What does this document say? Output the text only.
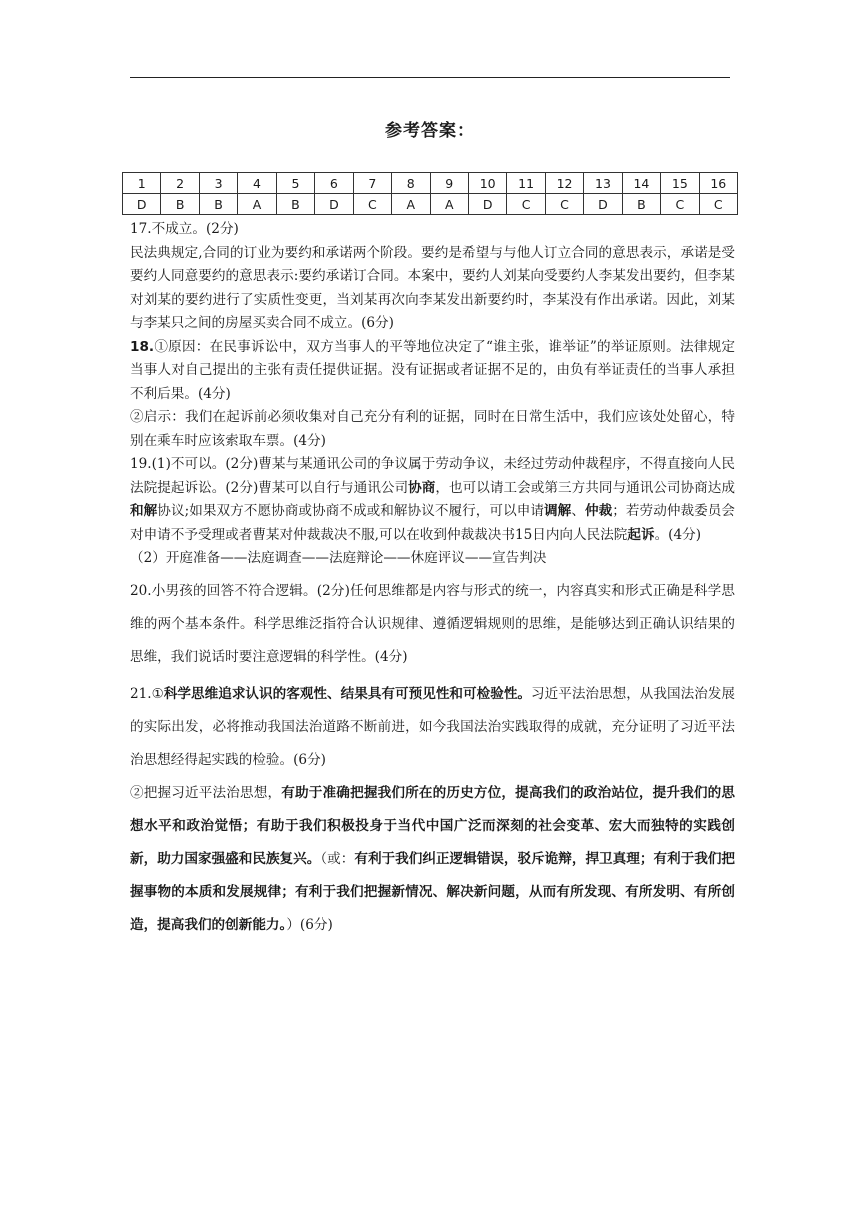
参考答案：
1	2	3	4	5	6	7	8	9	10	11	12	13	14	15	16
D	B	B	A	B	D	C	A	A	D	C	C	D	B	C	C

17.不成立。(2分)

民法典规定,合同的订业为要约和承诺两个阶段。要约是希望与与他人订立合同的意思表示，承诺是受要约人同意要约的意思表示:要约承诺订合同。本案中，要约人刘某向受要约人李某发出要约，但李某对刘某的要约进行了实质性变更，当刘某再次向李某发出新要约时，李某没有作出承诺。因此，刘某与李某只之间的房屋买卖合同不成立。(6分)

18.①原因：在民事诉讼中，双方当事人的平等地位决定了“谁主张，谁举证”的举证原则。法律规定当事人对自己提出的主张有责任提供证据。没有证据或者证据不足的，由负有举证责任的当事人承担不利后果。(4分)

②启示：我们在起诉前必须收集对自己充分有利的证据，同时在日常生活中，我们应该处处留心，特别在乘车时应该索取车票。(4分)

19.(1)不可以。(2分)曹某与某通讯公司的争议属于劳动争议，未经过劳动仲裁程序，不得直接向人民法院提起诉讼。(2分)曹某可以自行与通讯公司协商，也可以请工会或第三方共同与通讯公司协商达成和解协议;如果双方不愿协商或协商不成或和解协议不履行，可以申请调解、仲裁；若劳动仲裁委员会对申请不予受理或者曹某对仲裁裁决不服,可以在收到仲裁裁决书15日内向人民法院起诉。(4分)

（2）开庭准备——法庭调查——法庭辩论——休庭评议——宣告判决

20.小男孩的回答不符合逻辑。(2分)任何思维都是内容与形式的统一，内容真实和形式正确是科学思维的两个基本条件。科学思维泛指符合认识规律、遵循逻辑规则的思维，是能够达到正确认识结果的思维，我们说话时要注意逻辑的科学性。(4分)

21.①科学思维追求认识的客观性、结果具有可预见性和可检验性。习近平法治思想，从我国法治发展的实际出发，必将推动我国法治道路不断前进，如今我国法治实践取得的成就，充分证明了习近平法治思想经得起实践的检验。(6分)

②把握习近平法治思想，有助于准确把握我们所在的历史方位，提高我们的政治站位，提升我们的思想水平和政治觉悟；有助于我们积极投身于当代中国广泛而深刻的社会变革、宏大而独特的实践创新，助力国家强盛和民族复兴。（或：有利于我们纠正逻辑错误，驳斥诡辩，捍卫真理；有利于我们把握事物的本质和发展规律；有利于我们把握新情况、解决新问题，从而有所发现、有所发明、有所创造，提高我们的创新能力。）(6分)
